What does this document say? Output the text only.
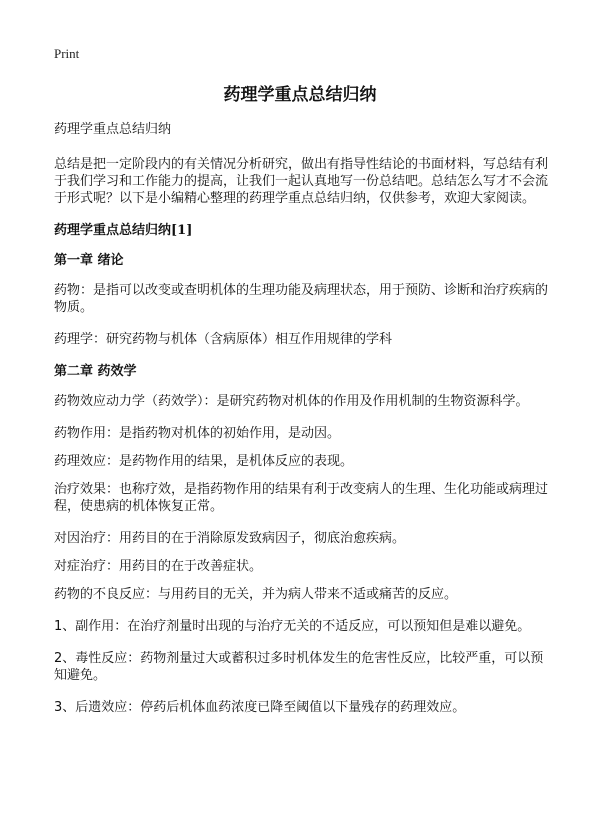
Print
药理学重点总结归纳

药理学重点总结归纳

总结是把一定阶段内的有关情况分析研究，做出有指导性结论的书面材料，写总结有利于我们学习和工作能力的提高，让我们一起认真地写一份总结吧。总结怎么写才不会流于形式呢？以下是小编精心整理的药理学重点总结归纳，仅供参考，欢迎大家阅读。

药理学重点总结归纳[1]

第一章 绪论

药物：是指可以改变或查明机体的生理功能及病理状态，用于预防、诊断和治疗疾病的物质。

药理学：研究药物与机体（含病原体）相互作用规律的学科

第二章 药效学

药物效应动力学（药效学）：是研究药物对机体的作用及作用机制的生物资源科学。

药物作用：是指药物对机体的初始作用，是动因。

药理效应：是药物作用的结果，是机体反应的表现。

治疗效果：也称疗效，是指药物作用的结果有利于改变病人的生理、生化功能或病理过程，使患病的机体恢复正常。

对因治疗：用药目的在于消除原发致病因子，彻底治愈疾病。

对症治疗：用药目的在于改善症状。

药物的不良反应：与用药目的无关，并为病人带来不适或痛苦的反应。

1、副作用：在治疗剂量时出现的与治疗无关的不适反应，可以预知但是难以避免。

2、毒性反应：药物剂量过大或蓄积过多时机体发生的危害性反应，比较严重，可以预知避免。

3、后遗效应：停药后机体血药浓度已降至阈值以下量残存的药理效应。
